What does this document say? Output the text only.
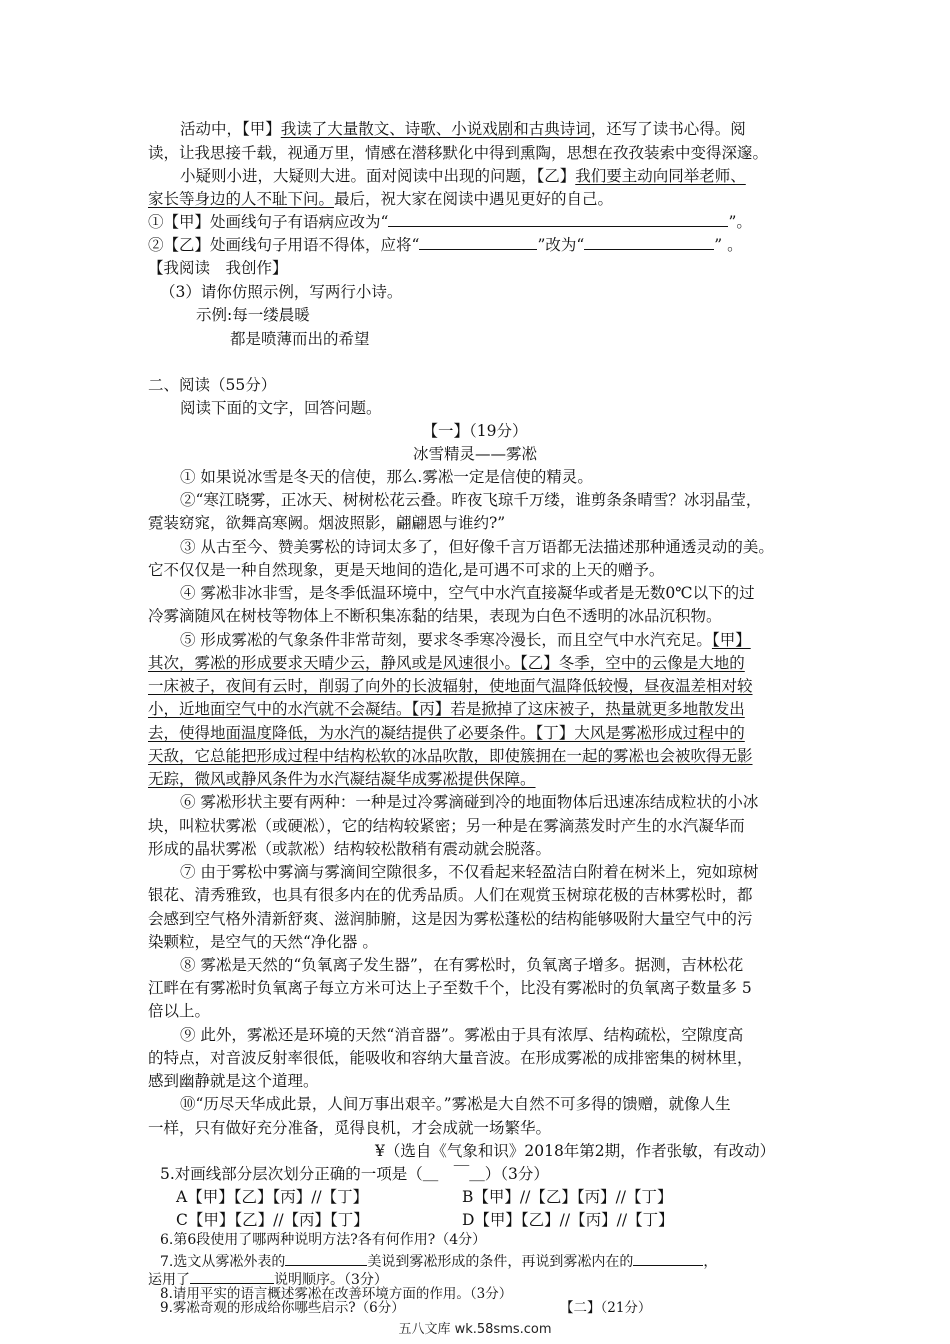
活动中，【甲】我读了大量散文、诗歌、小说戏剧和古典诗词，还写了读书心得。阅
读，让我思接千载，视通万里，情感在潜移默化中得到熏陶，思想在孜孜装索中变得深邃。
小疑则小进，大疑则大进。面对阅读中出现的问题，【乙】我们要主动向同举老师、
家长等身边的人不耻下问。最后，祝大家在阅读中遇见更好的自己。
①【甲】处画线句子有语病应改为“	”。
②【乙】处画线句子用语不得体，应将“	”改为“	” 。
【我阅读　我创作】
（3）请你仿照示例，写两行小诗。
示例:每一缕晨暖
都是喷薄而出的希望
二、阅读（55分）
阅读下面的文字，回答问题。
【一】（19分）
冰雪精灵——雾凇
① 如果说冰雪是冬天的信使，那么.雾凇一定是信使的精灵。
②“寒江晓雾，正冰天、树树松花云叠。昨夜飞琼千万缕，谁剪条条晴雪？冰羽晶莹，
霓装窈窕，欲舞高寒阙。烟波照影，翩翩恩与谁约?”
③ 从古至今、赞美雾松的诗词太多了，但好像千言万语都无法描述那种通透灵动的美。
它不仅仅是一种自然现象，更是天地间的造化,是可遇不可求的上天的赠予。
④ 雾凇非冰非雪，是冬季低温环境中，空气中水汽直接凝华或者是无数0℃以下的过
冷雾滴随风在树枝等物体上不断积集冻黏的结果，表现为白色不透明的冰品沉积物。
⑤ 形成雾凇的气象条件非常苛刻，要求冬季寒冷漫长，而且空气中水汽充足。【甲】
其次，雾凇的形成要求天晴少云，静风或是风速很小。【乙】冬季，空中的云像是大地的
一床被子，夜间有云时，削弱了向外的长波辐射，使地面气温降低较慢，昼夜温差相对较
小，近地面空气中的水汽就不会凝结。【丙】若是掀掉了这床被子，热量就更多地散发出
去，使得地面温度降低，为水汽的凝结提供了必要条件。【丁】大风是雾凇形成过程中的
天敌，它总能把形成过程中结构松软的冰品吹散，即使簇拥在一起的雾凇也会被吹得无影
无踪，微风或静风条件为水汽凝结凝华成雾凇提供保障。
⑥ 雾凇形状主要有两种：一种是过冷雾滴碰到冷的地面物体后迅速冻结成粒状的小冰
块，叫粒状雾凇（或硬凇），它的结构较紧密；另一种是在雾滴蒸发时产生的水汽凝华而
形成的晶状雾凇（或款凇）结构较松散稍有震动就会脱落。
⑦ 由于雾松中雾滴与雾滴间空隙很多，不仅看起来轻盈洁白附着在树米上，宛如琼树
银花、清秀雅致，也具有很多内在的优秀品质。人们在观赏玉树琼花极的吉林雾松时，都
会感到空气格外清新舒爽、滋润肺腑，这是因为雾松蓬松的结构能够吸附大量空气中的污
染颗粒，是空气的天然“净化器 。
⑧ 雾凇是天然的“负氧离子发生器”，在有雾松时，负氧离子增多。据测，吉林松花
江畔在有雾凇时负氧离子每立方米可达上子至数千个，比没有雾凇时的负氧离子数量多 5
倍以上。
⑨ 此外，雾凇还是环境的天然“消音器”。雾凇由于具有浓厚、结构疏松，空隙度高
的特点，对音波反射率很低，能吸收和容纳大量音波。在形成雾凇的成排密集的树林里，
感到幽静就是这个道理。
⑩“历尽天华成此景，人间万事出艰辛。”雾凇是大自然不可多得的馈赠，就像人生
一样，只有做好充分准备，觅得良机，才会成就一场繁华。
¥（选自《气象和识》2018年第2期，作者张敏，有改动）
5.对画线部分层次划分正确的一项是（＿　￣＿）（3分）
A【甲】【乙】【丙】//【丁】	B【甲】//【乙】【丙】//【丁】
C【甲】【乙】//【丙】【丁】	D【甲】【乙】//【丙】//【丁】
6.第6段使用了哪两种说明方法?各有何作用?（4分）
7.选文从雾凇外表的	美说到雾凇形成的条件，再说到雾凇内在的	，
五八文库 wk.58sms.com
8.请用平实的语言概述雾凇在改善环境方面的作用。（3分）
9.雾凇奇观的形成给你哪些启示?（6分）	【二】（21分）
运用了	说明顺序。（3分）
